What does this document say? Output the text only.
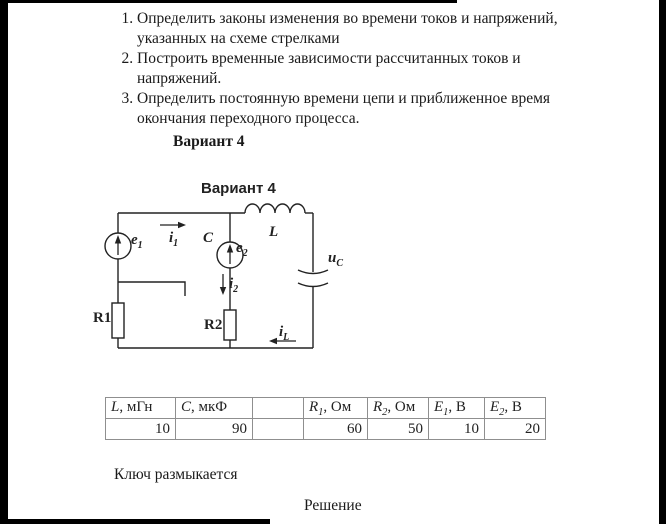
1. Определить законы изменения во времени токов и напряжений, указанных на схеме стрелками
2. Построить временные зависимости рассчитанных токов и напряжений.
3. Определить постоянную времени цепи и приближенное время окончания переходного процесса.
Вариант 4
Вариант 4
$e_1$ $i_1$ C
$e_2$
$i_2$
L
$u_C$
R1	R2	$i_L$
L, мГн	C, мкФ		$R_1$, Ом	$R_2$, Ом	$E_1$, В	$E_2$, В
10	90		60	50	10	20
Ключ размыкается
Решение
